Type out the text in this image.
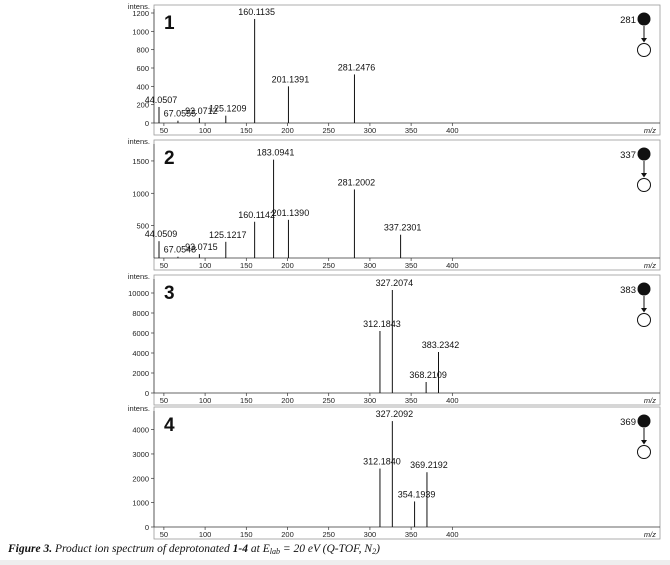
0
200
400
600
800
1000
1200
50	100	150	200	250	300	350	400	m/z
intens.
1
44.0507
67.0555
93.0712
125.1209
160.1135
201.1391
281.2476
281
500
1000
1500
50	100	150	200	250	300	350	400	m/z
intens.
2
44.0509
67.0548
93.0715
125.1217
160.1142
183.0941
201.1390
281.2002
337.2301
337
0
2000
4000
6000
8000
10000
50	100	150	200	250	300	350	400	m/z
intens.
3
312.1843
327.2074
368.2109
383.2342
383
0
1000
2000
3000
4000
50	100	150	200	250	300	350	400	m/z
intens.
4
312.1840
327.2092
354.1939
369.2192
369
Figure 3. Product ion spectrum of deprotonated 1-4 at $E_{lab} = 20$ eV (Q-TOF, $N_2$)
